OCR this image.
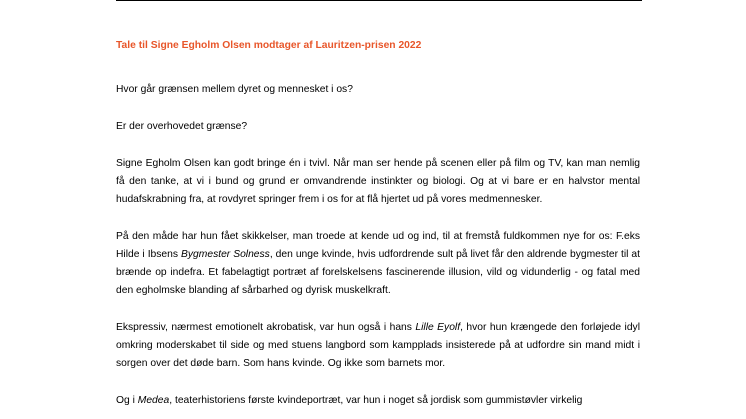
Tale til Signe Egholm Olsen modtager af Lauritzen-prisen 2022

Hvor går grænsen mellem dyret og mennesket i os?

Er der overhovedet grænse?

Signe Egholm Olsen kan godt bringe én i tvivl. Når man ser hende på scenen eller på film og TV, kan man nemlig få den tanke, at vi i bund og grund er omvandrende instinkter og biologi. Og at vi bare er en halvstor mental hudafskrabning fra, at rovdyret springer frem i os for at flå hjertet ud på vores medmennesker.

På den måde har hun fået skikkelser, man troede at kende ud og ind, til at fremstå fuldkommen nye for os: F.eks Hilde i Ibsens Bygmester Solness, den unge kvinde, hvis udfordrende sult på livet får den aldrende bygmester til at brænde op indefra. Et fabelagtigt portræt af forelskelsens fascinerende illusion, vild og vidunderlig - og fatal med den egholmske blanding af sårbarhed og dyrisk muskelkraft.

Ekspressiv, nærmest emotionelt akrobatisk, var hun også i hans Lille Eyolf, hvor hun krængede den forløjede idyl omkring moderskabet til side og med stuens langbord som kampplads insisterede på at udfordre sin mand midt i sorgen over det døde barn. Som hans kvinde. Og ikke som barnets mor.

Og i Medea, teaterhistoriens første kvindeportræt, var hun i noget så jordisk som gummistøvler virkelig
